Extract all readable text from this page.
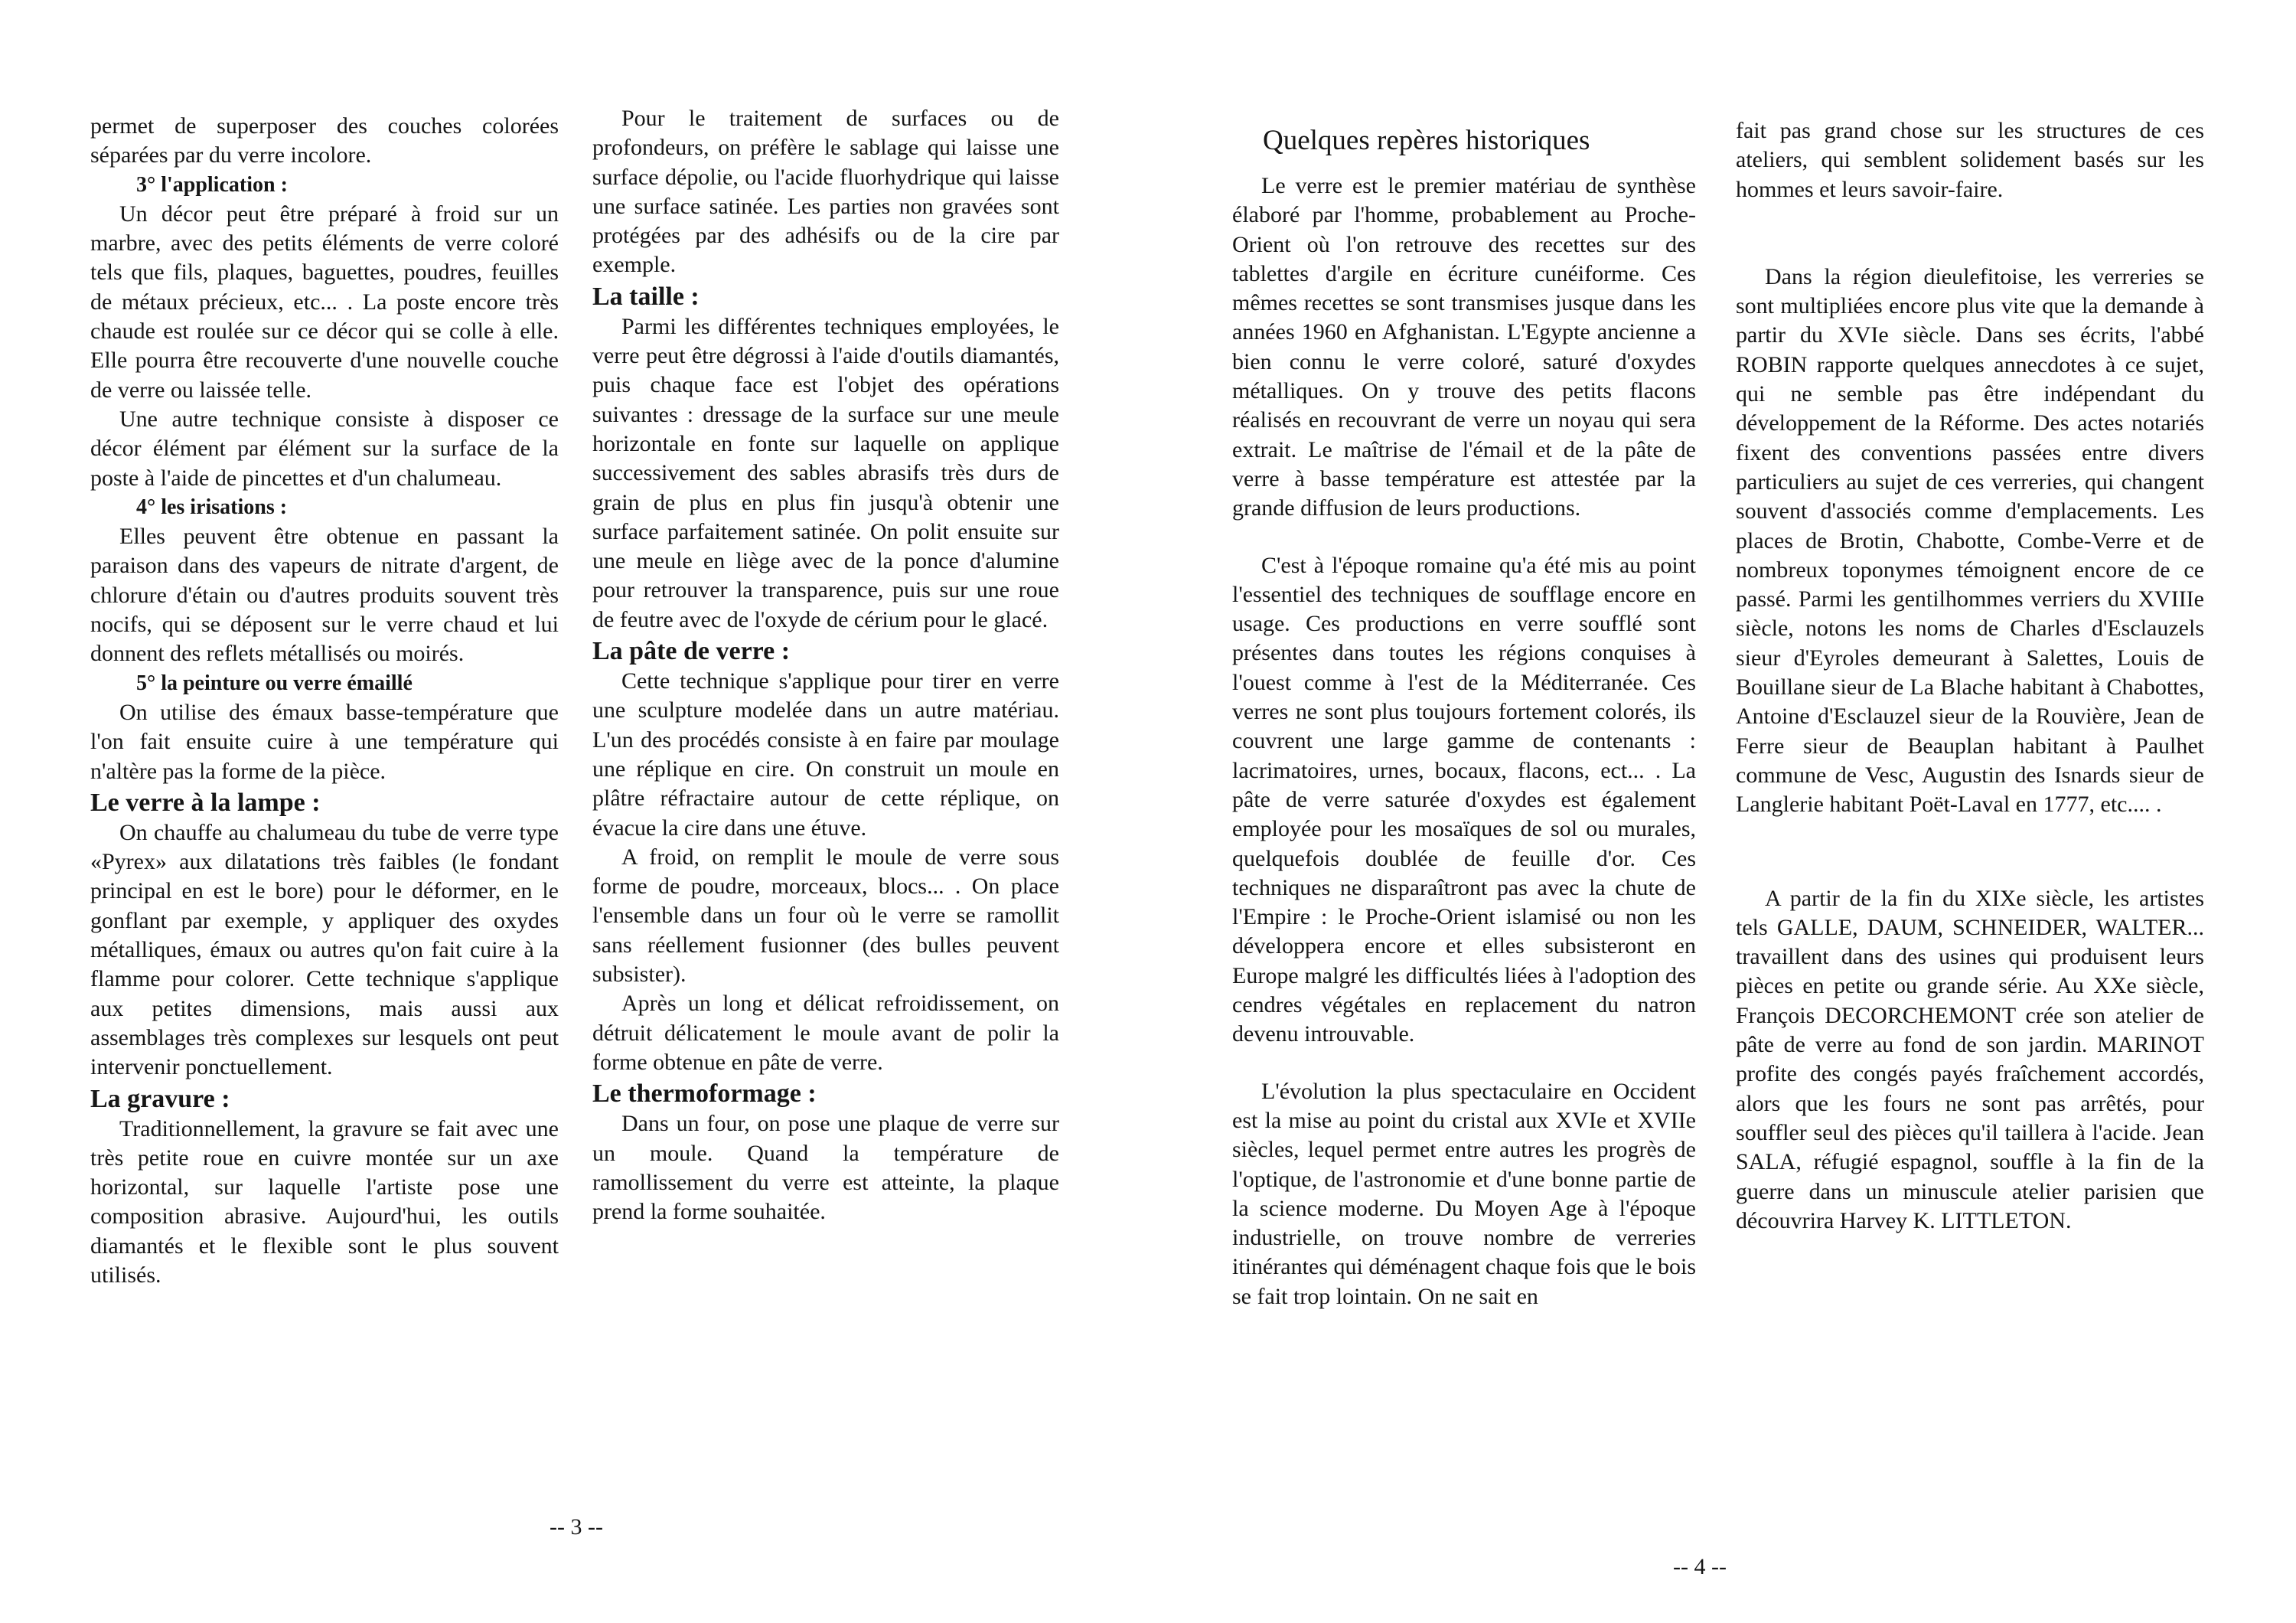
permet de superposer des couches colorées séparées par du verre incolore.

3° l'application :

Un décor peut être préparé à froid sur un marbre, avec des petits éléments de verre coloré tels que fils, plaques, baguettes, poudres, feuilles de métaux précieux, etc... . La poste encore très chaude est roulée sur ce décor qui se colle à elle. Elle pourra être recouverte d'une nouvelle couche de verre ou laissée telle.

Une autre technique consiste à disposer ce décor élément par élément sur la surface de la poste à l'aide de pincettes et d'un chalumeau.

4° les irisations :

Elles peuvent être obtenue en passant la paraison dans des vapeurs de nitrate d'argent, de chlorure d'étain ou d'autres produits souvent très nocifs, qui se déposent sur le verre chaud et lui donnent des reflets métallisés ou moirés.

5° la peinture ou verre émaillé

On utilise des émaux basse-température que l'on fait ensuite cuire à une température qui n'altère pas la forme de la pièce.

Le verre à la lampe :

On chauffe au chalumeau du tube de verre type «Pyrex» aux dilatations très faibles (le fondant principal en est le bore) pour le déformer, en le gonflant par exemple, y appliquer des oxydes métalliques, émaux ou autres qu'on fait cuire à la flamme pour colorer. Cette technique s'applique aux petites dimensions, mais aussi aux assemblages très complexes sur lesquels ont peut intervenir ponctuellement.

La gravure :

Traditionnellement, la gravure se fait avec une très petite roue en cuivre montée sur un axe horizontal, sur laquelle l'artiste pose une composition abrasive. Aujourd'hui, les outils diamantés et le flexible sont le plus souvent utilisés.

Pour le traitement de surfaces ou de profondeurs, on préfère le sablage qui laisse une surface dépolie, ou l'acide fluorhydrique qui laisse une surface satinée. Les parties non gravées sont protégées par des adhésifs ou de la cire par exemple.

La taille :

Parmi les différentes techniques employées, le verre peut être dégrossi à l'aide d'outils diamantés, puis chaque face est l'objet des opérations suivantes : dressage de la surface sur une meule horizontale en fonte sur laquelle on applique successivement des sables abrasifs très durs de grain de plus en plus fin jusqu'à obtenir une surface parfaitement satinée. On polit ensuite sur une meule en liège avec de la ponce d'alumine pour retrouver la transparence, puis sur une roue de feutre avec de l'oxyde de cérium pour le glacé.

La pâte de verre :

Cette technique s'applique pour tirer en verre une sculpture modelée dans un autre matériau. L'un des procédés consiste à en faire par moulage une réplique en cire. On construit un moule en plâtre réfractaire autour de cette réplique, on évacue la cire dans une étuve.

A froid, on remplit le moule de verre sous forme de poudre, morceaux, blocs... . On place l'ensemble dans un four où le verre se ramollit sans réellement fusionner (des bulles peuvent subsister).

Après un long et délicat refroidissement, on détruit délicatement le moule avant de polir la forme obtenue en pâte de verre.

Le thermoformage :

Dans un four, on pose une plaque de verre sur un moule. Quand la température de ramollissement du verre est atteinte, la plaque prend la forme souhaitée.

-- 3 --
Quelques repères historiques

Le verre est le premier matériau de synthèse élaboré par l'homme, probablement au Proche-Orient où l'on retrouve des recettes sur des tablettes d'argile en écriture cunéiforme. Ces mêmes recettes se sont transmises jusque dans les années 1960 en Afghanistan. L'Egypte ancienne a bien connu le verre coloré, saturé d'oxydes métalliques. On y trouve des petits flacons réalisés en recouvrant de verre un noyau qui sera extrait. Le maîtrise de l'émail et de la pâte de verre à basse température est attestée par la grande diffusion de leurs productions.

C'est à l'époque romaine qu'a été mis au point l'essentiel des techniques de soufflage encore en usage. Ces productions en verre soufflé sont présentes dans toutes les régions conquises à l'ouest comme à l'est de la Méditerranée. Ces verres ne sont plus toujours fortement colorés, ils couvrent une large gamme de contenants : lacrimatoires, urnes, bocaux, flacons, ect... . La pâte de verre saturée d'oxydes est également employée pour les mosaïques de sol ou murales, quelquefois doublée de feuille d'or. Ces techniques ne disparaîtront pas avec la chute de l'Empire : le Proche-Orient islamisé ou non les développera encore et elles subsisteront en Europe malgré les difficultés liées à l'adoption des cendres végétales en replacement du natron devenu introuvable.

L'évolution la plus spectaculaire en Occident est la mise au point du cristal aux XVIe et XVIIe siècles, lequel permet entre autres les progrès de l'optique, de l'astronomie et d'une bonne partie de la science moderne. Du Moyen Age à l'époque industrielle, on trouve nombre de verreries itinérantes qui déménagent chaque fois que le bois se fait trop lointain. On ne sait en

fait pas grand chose sur les structures de ces ateliers, qui semblent solidement basés sur les hommes et leurs savoir-faire.

Dans la région dieulefitoise, les verreries se sont multipliées encore plus vite que la demande à partir du XVIe siècle. Dans ses écrits, l'abbé ROBIN rapporte quelques annecdotes à ce sujet, qui ne semble pas être indépendant du développement de la Réforme. Des actes notariés fixent des conventions passées entre divers particuliers au sujet de ces verreries, qui changent souvent d'associés comme d'emplacements. Les places de Brotin, Chabotte, Combe-Verre et de nombreux toponymes témoignent encore de ce passé. Parmi les gentilhommes verriers du XVIIIe siècle, notons les noms de Charles d'Esclauzels sieur d'Eyroles demeurant à Salettes, Louis de Bouillane sieur de La Blache habitant à Chabottes, Antoine d'Esclauzel sieur de la Rouvière, Jean de Ferre sieur de Beauplan habitant à Paulhet commune de Vesc, Augustin des Isnards sieur de Langlerie habitant Poët-Laval en 1777, etc.... .

A partir de la fin du XIXe siècle, les artistes tels GALLE, DAUM, SCHNEIDER, WALTER... travaillent dans des usines qui produisent leurs pièces en petite ou grande série. Au XXe siècle, François DECORCHEMONT crée son atelier de pâte de verre au fond de son jardin. MARINOT profite des congés payés fraîchement accordés, alors que les fours ne sont pas arrêtés, pour souffler seul des pièces qu'il taillera à l'acide. Jean SALA, réfugié espagnol, souffle à la fin de la guerre dans un minuscule atelier parisien que découvrira Harvey K. LITTLETON.

-- 4 --
